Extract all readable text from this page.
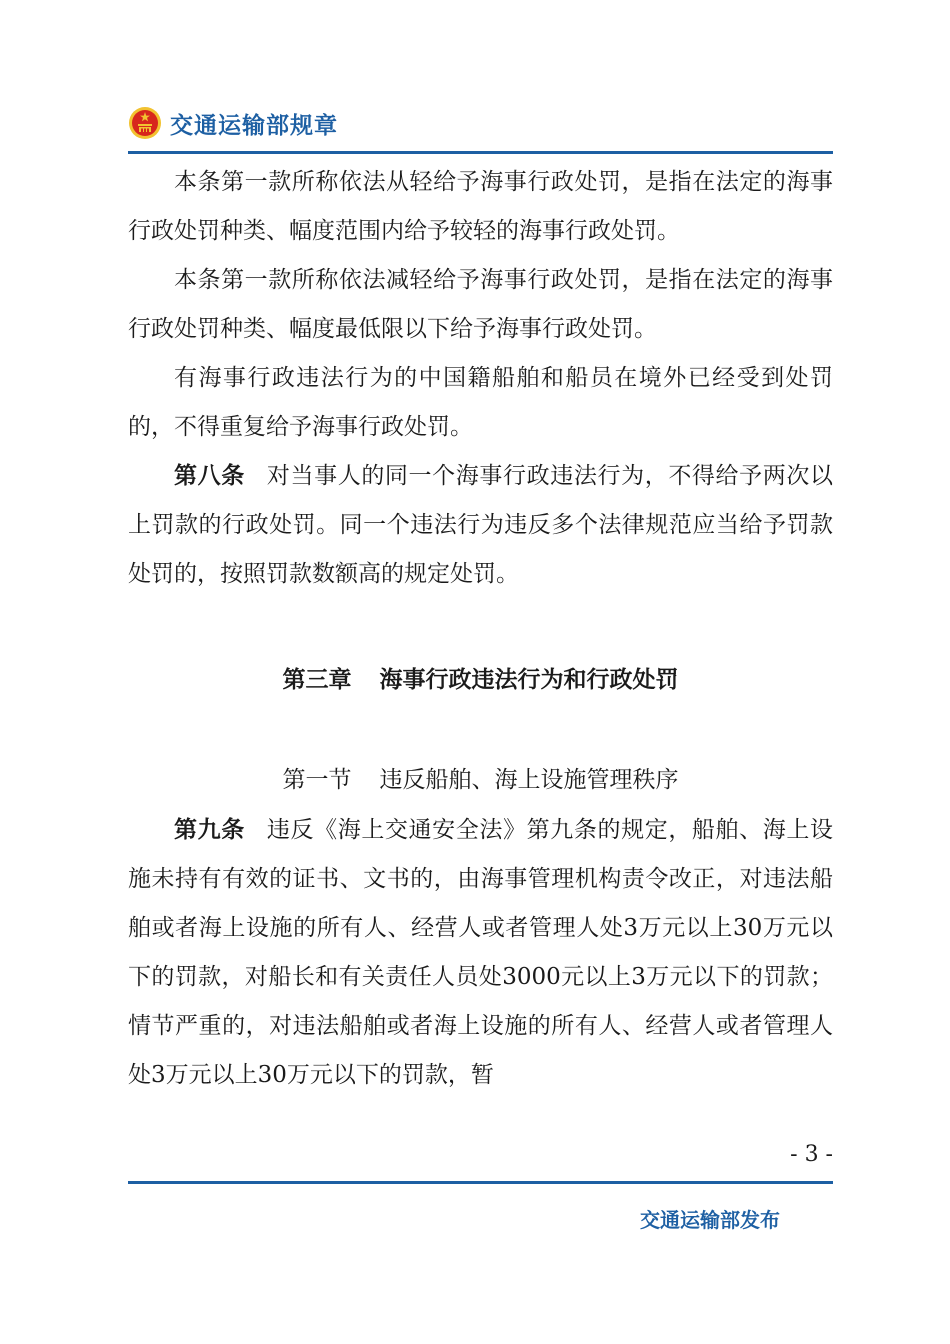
交通运输部规章

本条第一款所称依法从轻给予海事行政处罚，是指在法定的海事行政处罚种类、幅度范围内给予较轻的海事行政处罚。

本条第一款所称依法减轻给予海事行政处罚，是指在法定的海事行政处罚种类、幅度最低限以下给予海事行政处罚。

有海事行政违法行为的中国籍船舶和船员在境外已经受到处罚的，不得重复给予海事行政处罚。

第八条 对当事人的同一个海事行政违法行为，不得给予两次以上罚款的行政处罚。同一个违法行为违反多个法律规范应当给予罚款处罚的，按照罚款数额高的规定处罚。

第三章 海事行政违法行为和行政处罚
第一节 违反船舶、海上设施管理秩序

第九条 违反《海上交通安全法》第九条的规定，船舶、海上设施未持有有效的证书、文书的，由海事管理机构责令改正，对违法船舶或者海上设施的所有人、经营人或者管理人处3万元以上30万元以下的罚款，对船长和有关责任人员处3000元以上3万元以下的罚款；情节严重的，对违法船舶或者海上设施的所有人、经营人或者管理人处3万元以上30万元以下的罚款，暂

- 3 -
交通运输部发布
